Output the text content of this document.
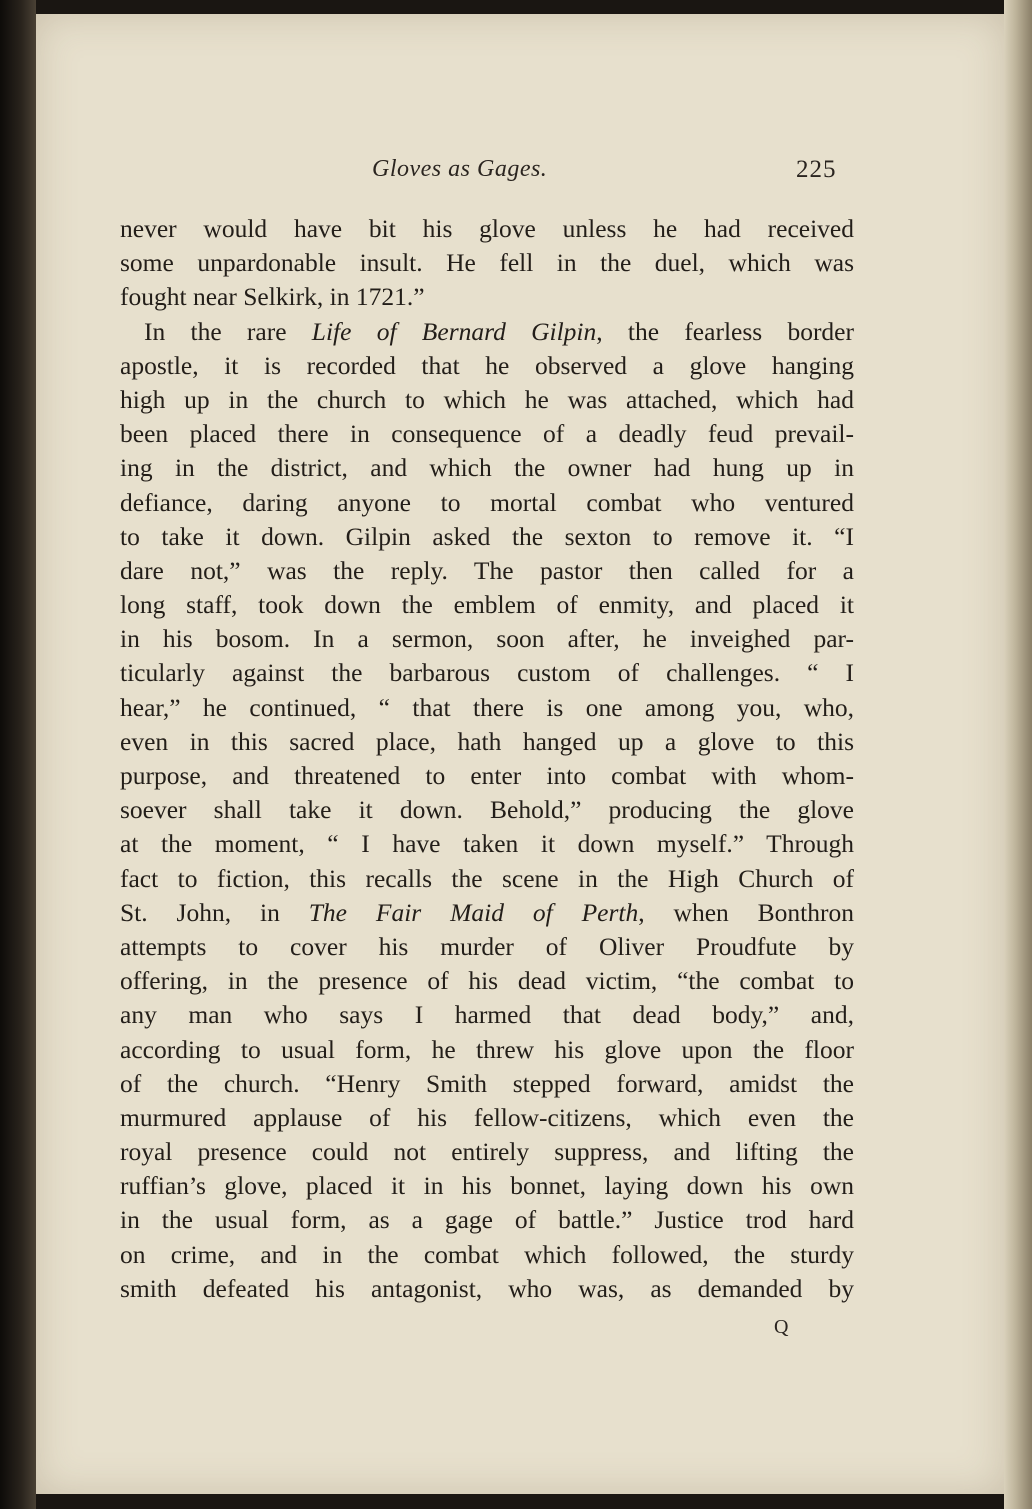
Gloves as Gages.	225
never would have bit his glove unless he had received
some unpardonable insult. He fell in the duel, which was
fought near Selkirk, in 1721.”
In the rare Life of Bernard Gilpin, the fearless border
apostle, it is recorded that he observed a glove hanging
high up in the church to which he was attached, which had
been placed there in consequence of a deadly feud prevail-
ing in the district, and which the owner had hung up in
defiance, daring anyone to mortal combat who ventured
to take it down. Gilpin asked the sexton to remove it. “I
dare not,” was the reply. The pastor then called for a
long staff, took down the emblem of enmity, and placed it
in his bosom. In a sermon, soon after, he inveighed par-
ticularly against the barbarous custom of challenges. “ I
hear,” he continued, “ that there is one among you, who,
even in this sacred place, hath hanged up a glove to this
purpose, and threatened to enter into combat with whom-
soever shall take it down. Behold,” producing the glove
at the moment, “ I have taken it down myself.” Through
fact to fiction, this recalls the scene in the High Church of
St. John, in The Fair Maid of Perth, when Bonthron
attempts to cover his murder of Oliver Proudfute by
offering, in the presence of his dead victim, “the combat to
any man who says I harmed that dead body,” and,
according to usual form, he threw his glove upon the floor
of the church. “Henry Smith stepped forward, amidst the
murmured applause of his fellow-citizens, which even the
royal presence could not entirely suppress, and lifting the
ruffian’s glove, placed it in his bonnet, laying down his own
in the usual form, as a gage of battle.” Justice trod hard
on crime, and in the combat which followed, the sturdy
smith defeated his antagonist, who was, as demanded by
Q
